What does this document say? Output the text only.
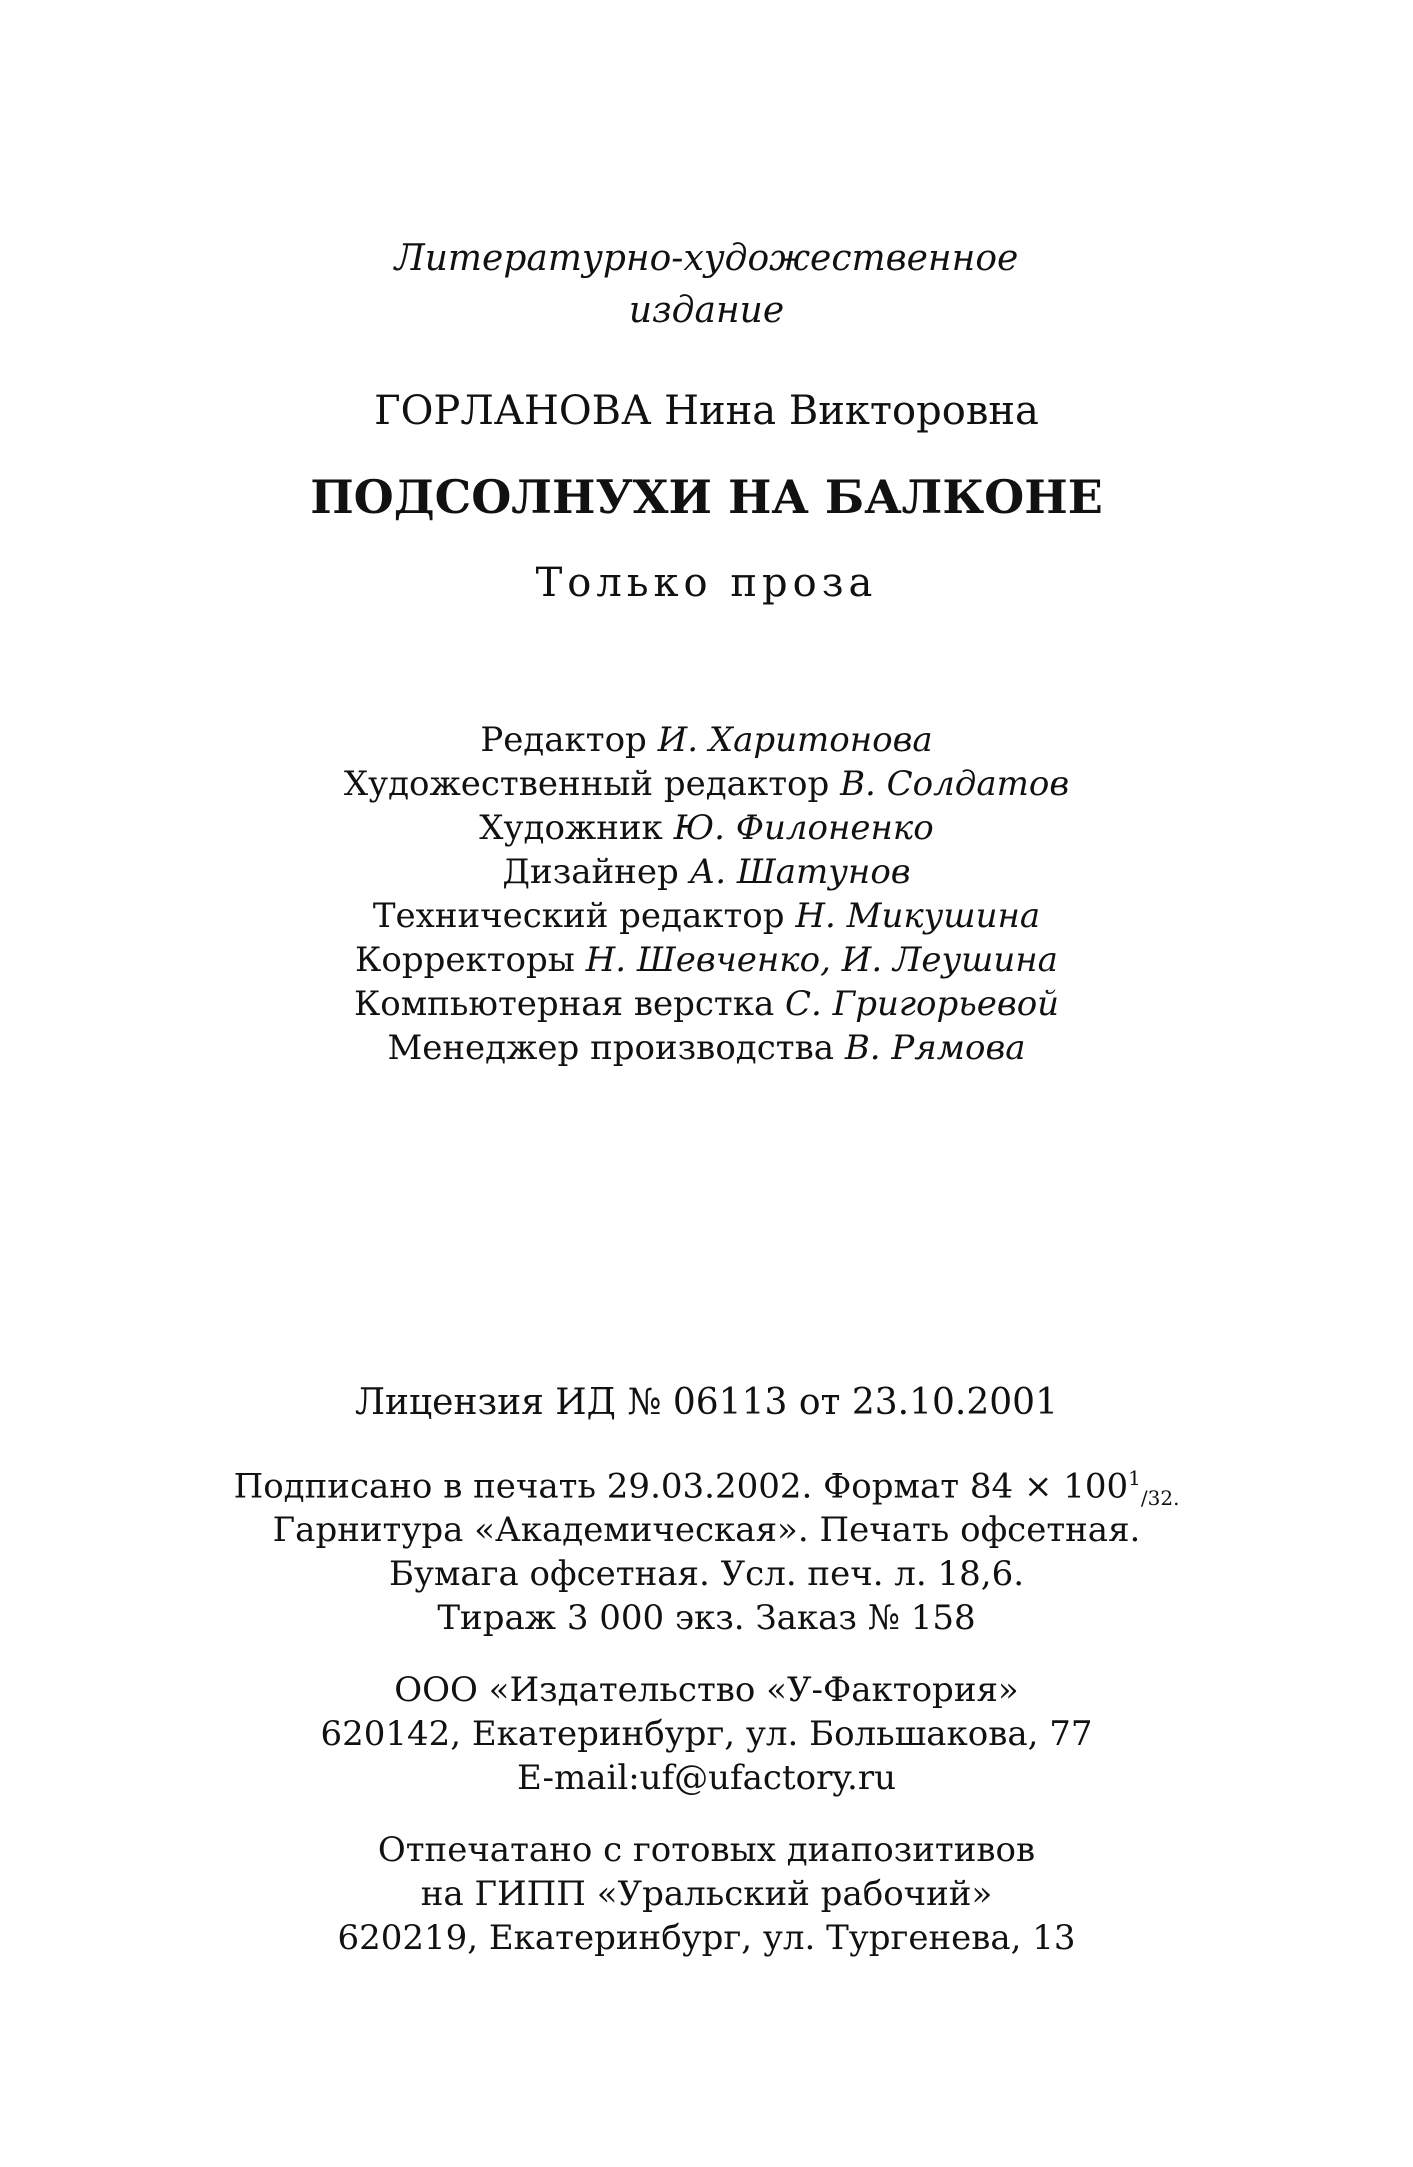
Литературно-художественное
издание
ГОРЛАНОВА Нина Викторовна
ПОДСОЛНУХИ НА БАЛКОНЕ
Только проза
Редактор И. Харитонова
Художественный редактор В. Солдатов
Художник Ю. Филоненко
Дизайнер А. Шатунов
Технический редактор Н. Микушина
Корректоры Н. Шевченко, И. Леушина
Компьютерная верстка С. Григорьевой
Менеджер производства В. Рямова
Лицензия ИД № 06113 от 23.10.2001
Подписано в печать 29.03.2002. Формат $84 \times 100^1_{/32.}$
Гарнитура «Академическая». Печать офсетная.
Бумага офсетная. Усл. печ. л. 18,6.
Тираж 3 000 экз. Заказ № 158
ООО «Издательство «У-Фактория»
620142, Екатеринбург, ул. Большакова, 77
E-mail:uf@ufactory.ru
Отпечатано с готовых диапозитивов
на ГИПП «Уральский рабочий»
620219, Екатеринбург, ул. Тургенева, 13
